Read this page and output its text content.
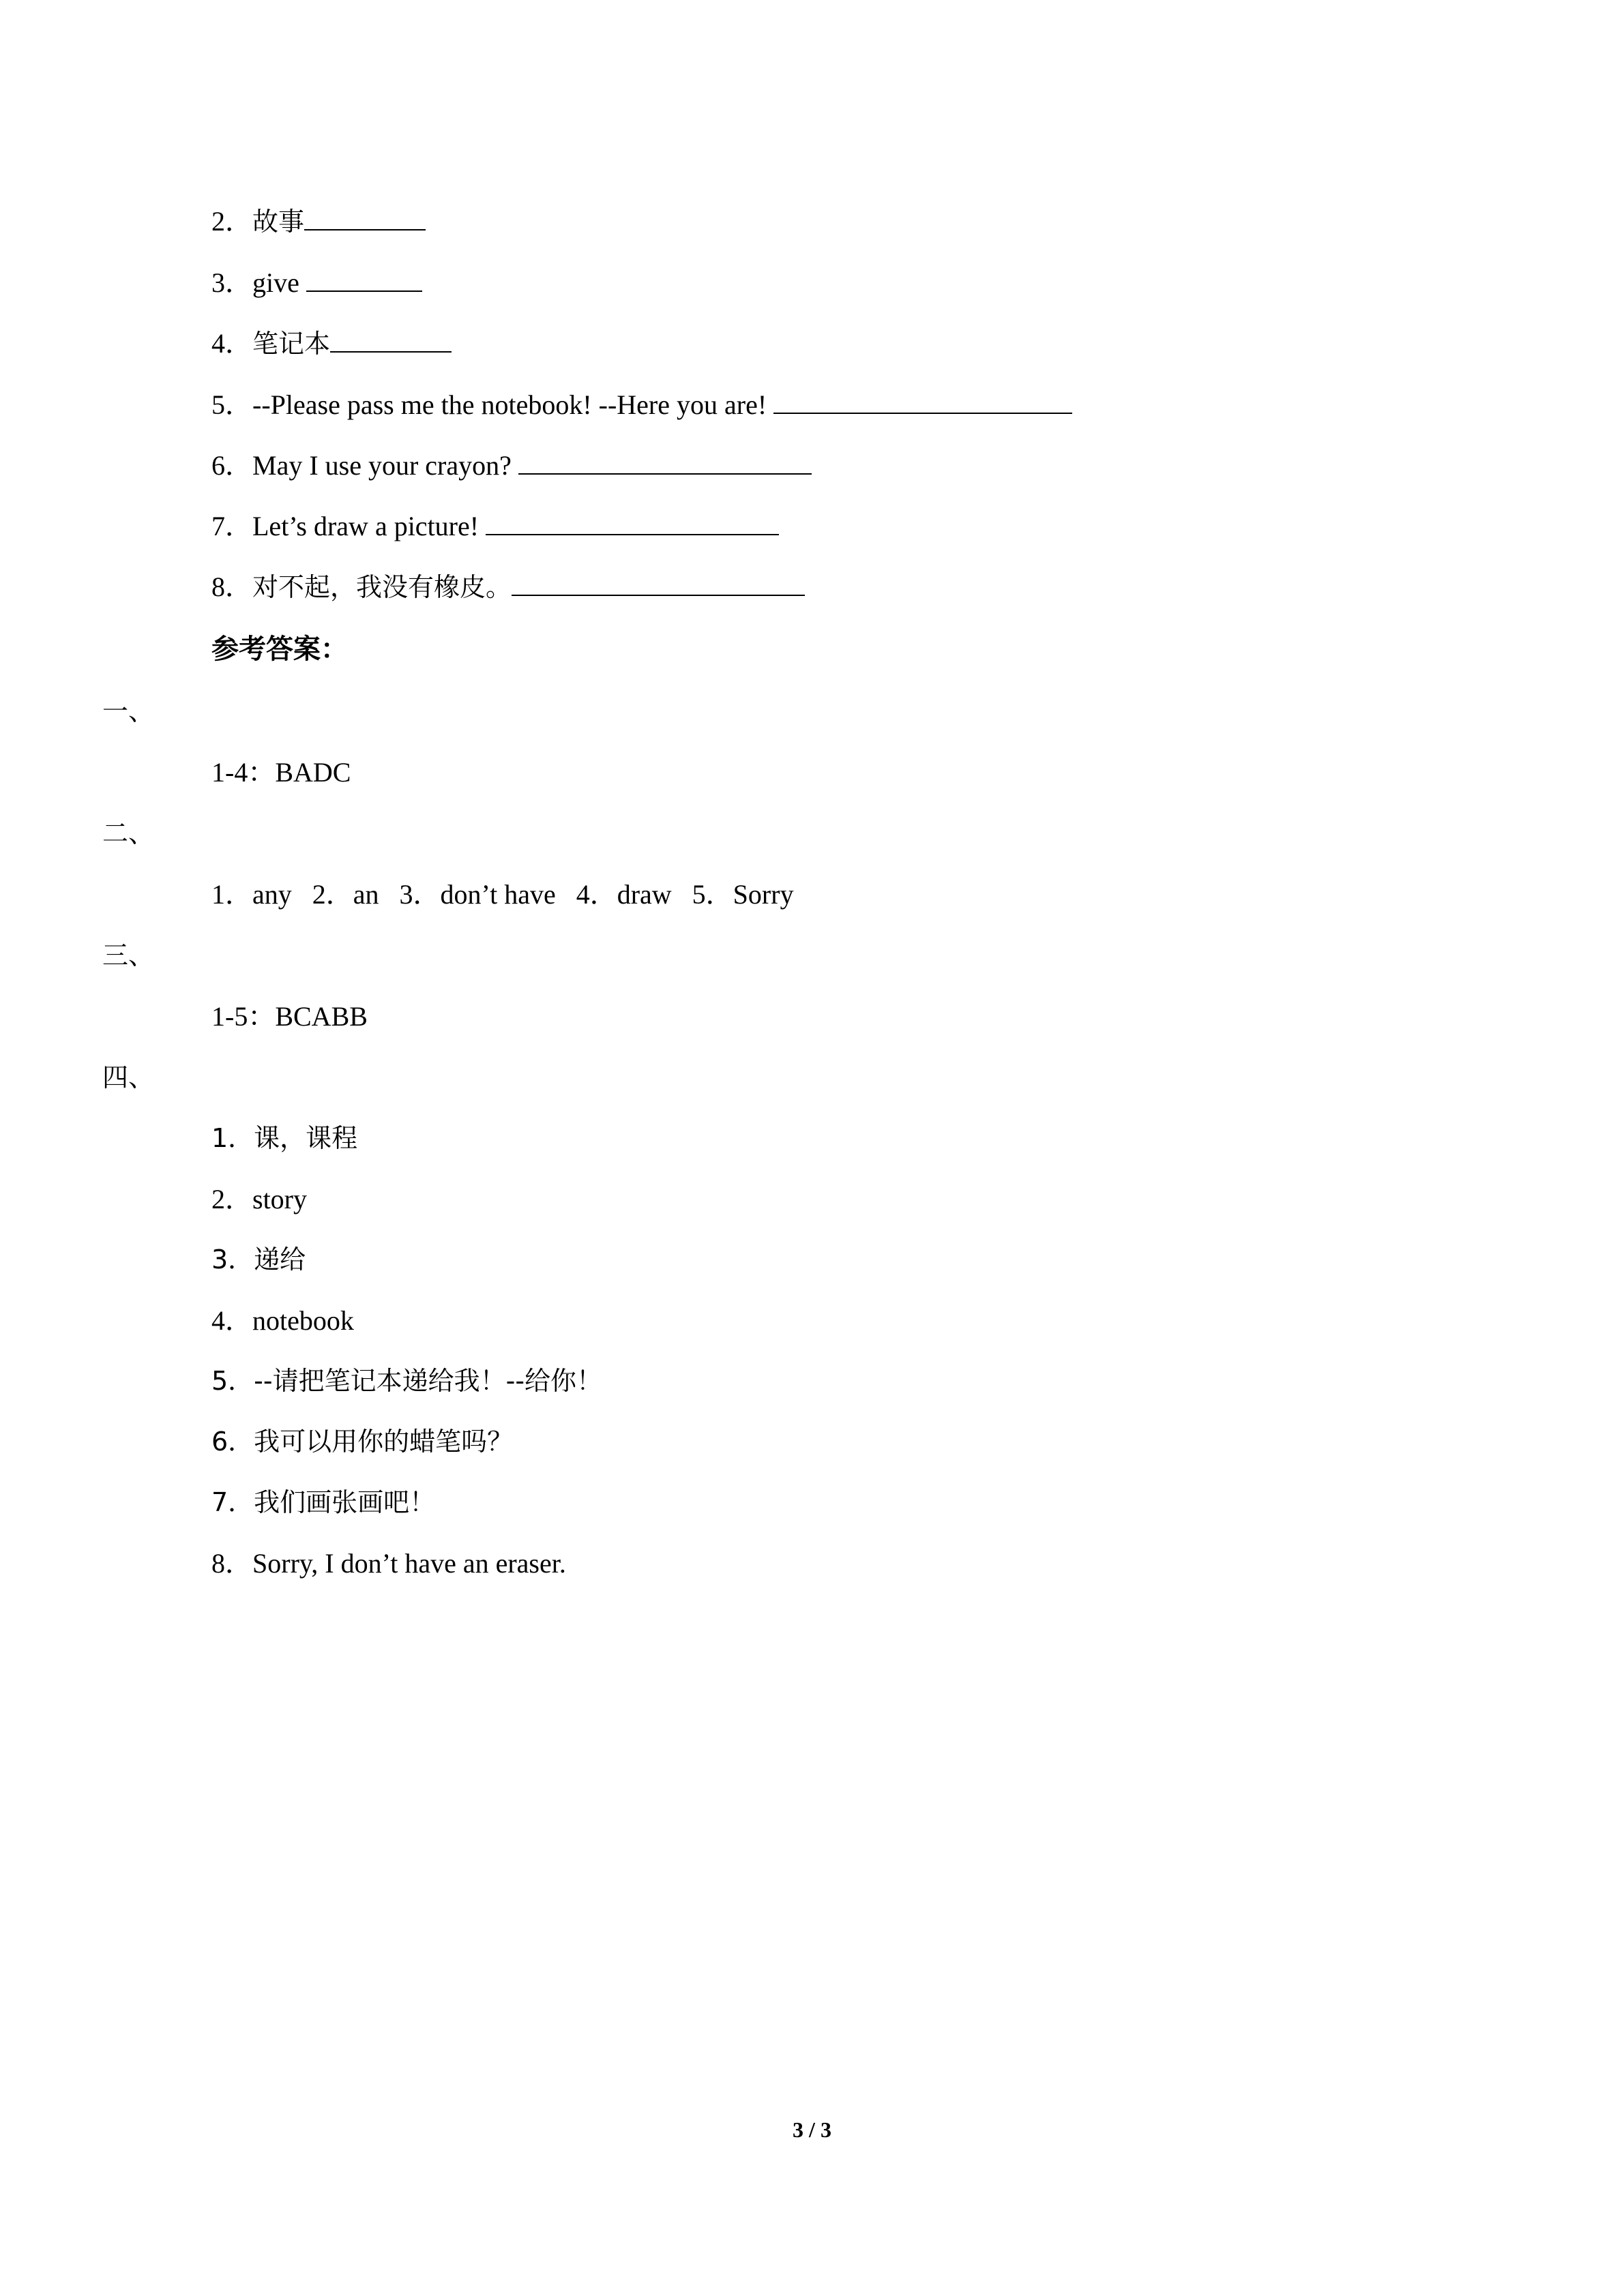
2．故事
3．give
4．笔记本
5．--Please pass me the notebook! --Here you are!
6．May I use your crayon?
7．Let’s draw a picture!
8．对不起，我没有橡皮。
参考答案：
一、
1-4：BADC
二、
1．any   2．an   3．don’t have   4．draw   5．Sorry
三、
1-5：BCABB
四、
1．课，课程
2．story
3．递给
4．notebook
5．--请把笔记本递给我！--给你！
6．我可以用你的蜡笔吗？
7．我们画张画吧！
8．Sorry, I don’t have an eraser.
3 / 3
